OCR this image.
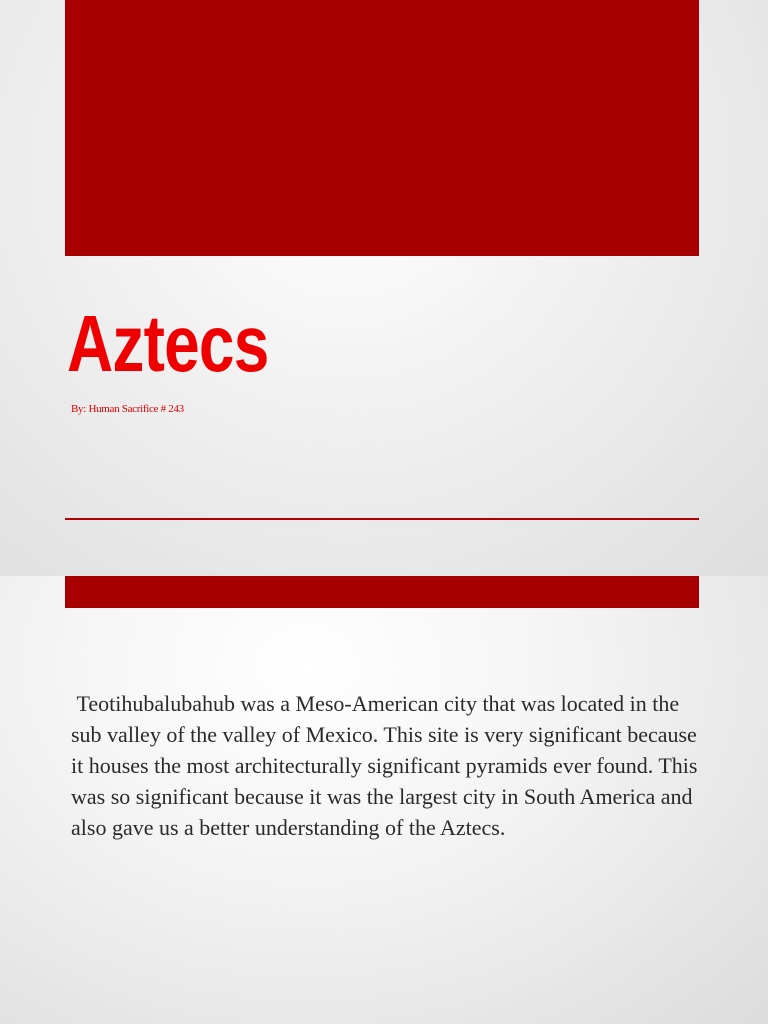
Aztecs

By: Human Sacrifice # 243

Teotihubalubahub was a Meso-American city that was located in the sub valley of the valley of Mexico. This site is very significant because it houses the most architecturally significant pyramids ever found. This was so significant because it was the largest city in South America and also gave us a better understanding of the Aztecs.
